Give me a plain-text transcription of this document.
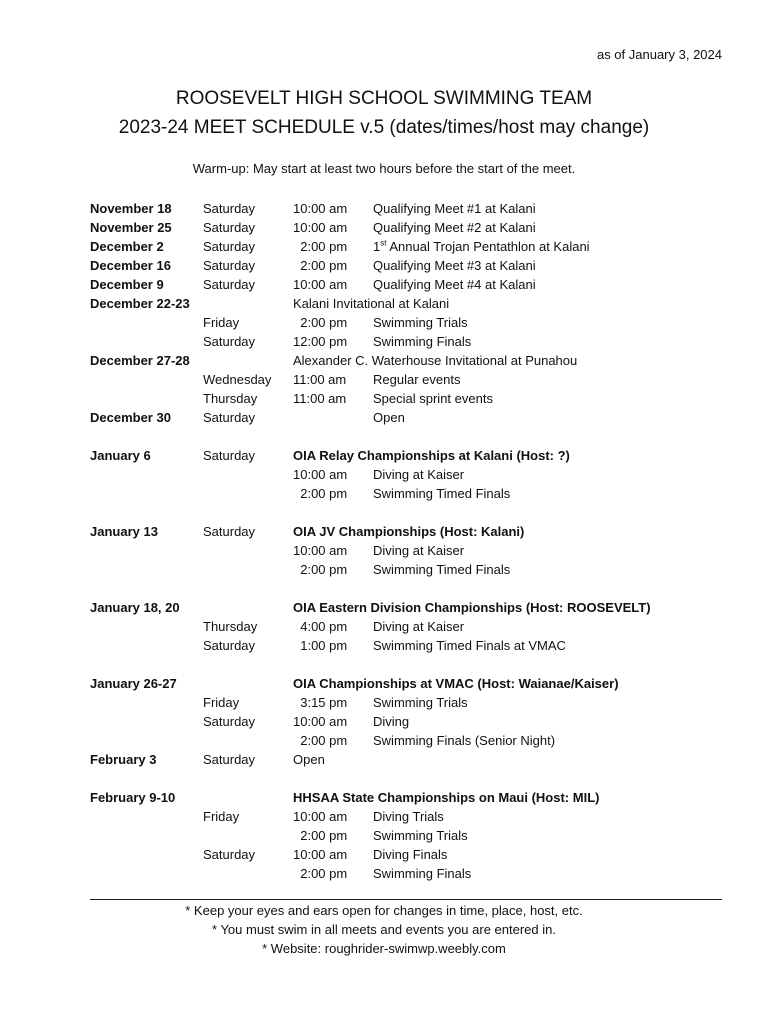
as of January 3, 2024
ROOSEVELT HIGH SCHOOL SWIMMING TEAM
2023-24 MEET SCHEDULE v.5 (dates/times/host may change)
Warm-up: May start at least two hours before the start of the meet.
November 18 Saturday	10:00 am Qualifying Meet #1 at Kalani
November 25 Saturday	10:00 am Qualifying Meet #2 at Kalani
December 2	Saturday	2:00 pm 1st Annual Trojan Pentathlon at Kalani
December 16 Saturday	2:00 pm Qualifying Meet #3 at Kalani
December 9	Saturday	10:00 am Qualifying Meet #4 at Kalani
December 22-23	Kalani Invitational at Kalani
Friday	2:00 pm Swimming Trials
Saturday	12:00 pm Swimming Finals
December 27-28	Alexander C. Waterhouse Invitational at Punahou
Wednesday 11:00 am Regular events
Thursday	11:00 am Special sprint events
December 30 Saturday	Open
January 6	Saturday	OIA Relay Championships at Kalani (Host: ?)
10:00 am Diving at Kaiser
2:00 pm Swimming Timed Finals
January 13	Saturday	OIA JV Championships (Host: Kalani)
10:00 am Diving at Kaiser
2:00 pm Swimming Timed Finals
January 18, 20	OIA Eastern Division Championships (Host: ROOSEVELT)
Thursday	4:00 pm Diving at Kaiser
Saturday	1:00 pm Swimming Timed Finals at VMAC
January 26-27	OIA Championships at VMAC (Host: Waianae/Kaiser)
Friday	3:15 pm Swimming Trials
Saturday	10:00 am Diving
2:00 pm Swimming Finals (Senior Night)
February 3	Saturday	Open
February 9-10	HHSAA State Championships on Maui (Host: MIL)
Friday	10:00 am Diving Trials
2:00 pm Swimming Trials
Saturday	10:00 am Diving Finals
2:00 pm Swimming Finals
* Keep your eyes and ears open for changes in time, place, host, etc.
* You must swim in all meets and events you are entered in.
* Website: roughrider-swimwp.weebly.com
